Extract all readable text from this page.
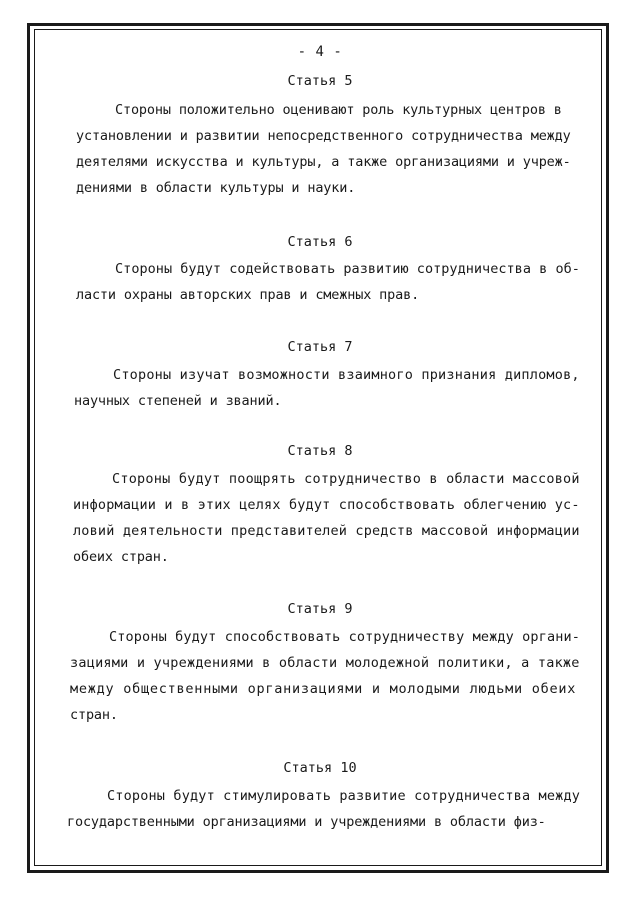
- 4 -
Статья 5
Стороны положительно оценивают роль культурных центров в
установлении и развитии непосредственного сотрудничества между
деятелями искусства и культуры, а также организациями и учреж-
дениями в области культуры и науки.
Статья 6
Стороны будут содействовать развитию сотрудничества в об-
ласти охраны авторских прав и смежных прав.
Статья 7
Стороны изучат возможности взаимного признания дипломов,
научных степеней и званий.
Статья 8
Стороны будут поощрять сотрудничество в области массовой
информации и в этих целях будут способствовать облегчению ус-
ловий деятельности представителей средств массовой информации
обеих стран.
Статья 9
Стороны будут способствовать сотрудничеству между органи-
зациями и учреждениями в области молодежной политики, а также
между общественными организациями и молодыми людьми обеих
стран.
Статья 10
Стороны будут стимулировать развитие сотрудничества между
государственными организациями и учреждениями в области физ-
